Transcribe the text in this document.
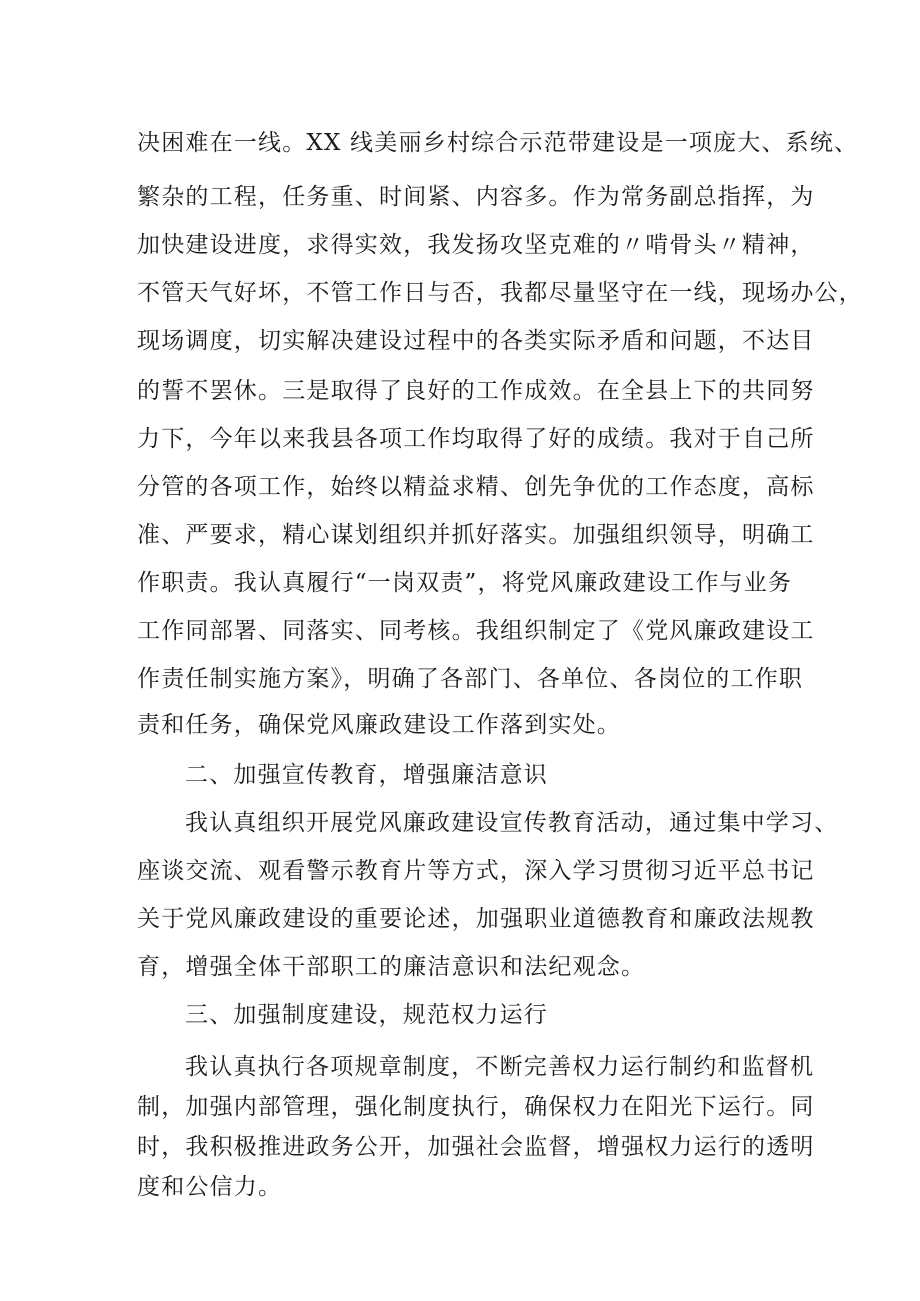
决困难在一线。XX 线美丽乡村综合示范带建设是一项庞大、系统、
繁杂的工程，任务重、时间紧、内容多。作为常务副总指挥，为
加快建设进度，求得实效，我发扬攻坚克难的〃啃骨头〃精神，
不管天气好坏，不管工作日与否，我都尽量坚守在一线，现场办公，
现场调度，切实解决建设过程中的各类实际矛盾和问题，不达目
的誓不罢休。三是取得了良好的工作成效。在全县上下的共同努
力下，今年以来我县各项工作均取得了好的成绩。我对于自己所
分管的各项工作，始终以精益求精、创先争优的工作态度，高标
准、严要求，精心谋划组织并抓好落实。加强组织领导，明确工
作职责。我认真履行“一岗双责”，将党风廉政建设工作与业务
工作同部署、同落实、同考核。我组织制定了《党风廉政建设工
作责任制实施方案》，明确了各部门、各单位、各岗位的工作职
责和任务，确保党风廉政建设工作落到实处。
二、加强宣传教育，增强廉洁意识
我认真组织开展党风廉政建设宣传教育活动，通过集中学习、
座谈交流、观看警示教育片等方式，深入学习贯彻习近平总书记
关于党风廉政建设的重要论述，加强职业道德教育和廉政法规教
育，增强全体干部职工的廉洁意识和法纪观念。
三、加强制度建设，规范权力运行
我认真执行各项规章制度，不断完善权力运行制约和监督机
制，加强内部管理，强化制度执行，确保权力在阳光下运行。同
时，我积极推进政务公开，加强社会监督，增强权力运行的透明
度和公信力。
